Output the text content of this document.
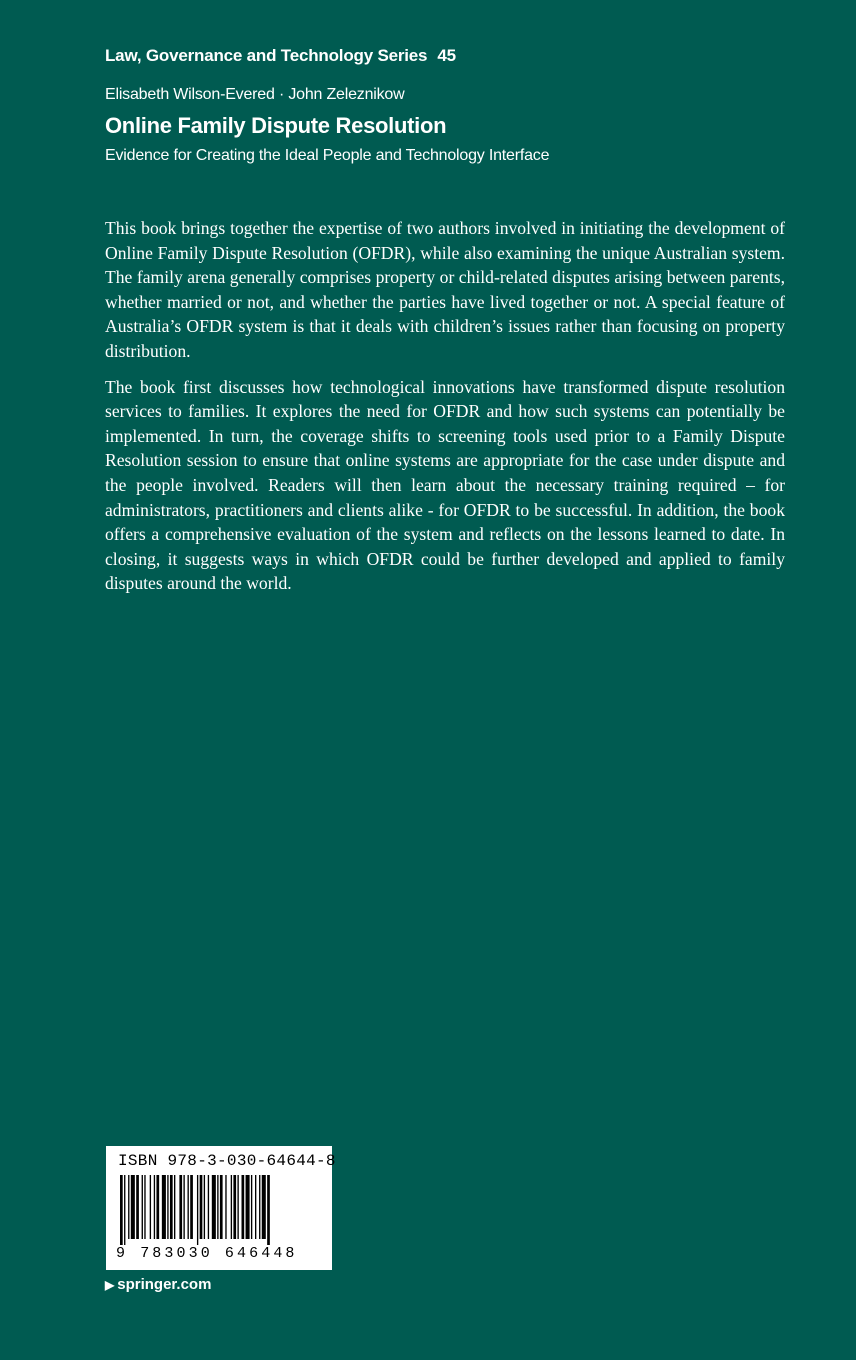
Law, Governance and Technology Series 45
Elisabeth Wilson-Evered · John Zeleznikow
Online Family Dispute Resolution
Evidence for Creating the Ideal People and Technology Interface

This book brings together the expertise of two authors involved in initiating the development of Online Family Dispute Resolution (OFDR), while also examining the unique Australian system. The family arena generally comprises property or child-related disputes arising between parents, whether married or not, and whether the parties have lived together or not. A special feature of Australia’s OFDR system is that it deals with children’s issues rather than focusing on property distribution.

The book first discusses how technological innovations have transformed dispute resolution services to families. It explores the need for OFDR and how such systems can potentially be implemented. In turn, the coverage shifts to screening tools used prior to a Family Dispute Resolution session to ensure that online systems are appropriate for the case under dispute and the people involved. Readers will then learn about the necessary training required – for administrators, practitioners and clients alike - for OFDR to be successful. In addition, the book offers a comprehensive evaluation of the system and reflects on the lessons learned to date. In closing, it suggests ways in which OFDR could be further developed and applied to family disputes around the world.

ISBN 978-3-030-64644-8
9 783030 646448
▶ springer.com
